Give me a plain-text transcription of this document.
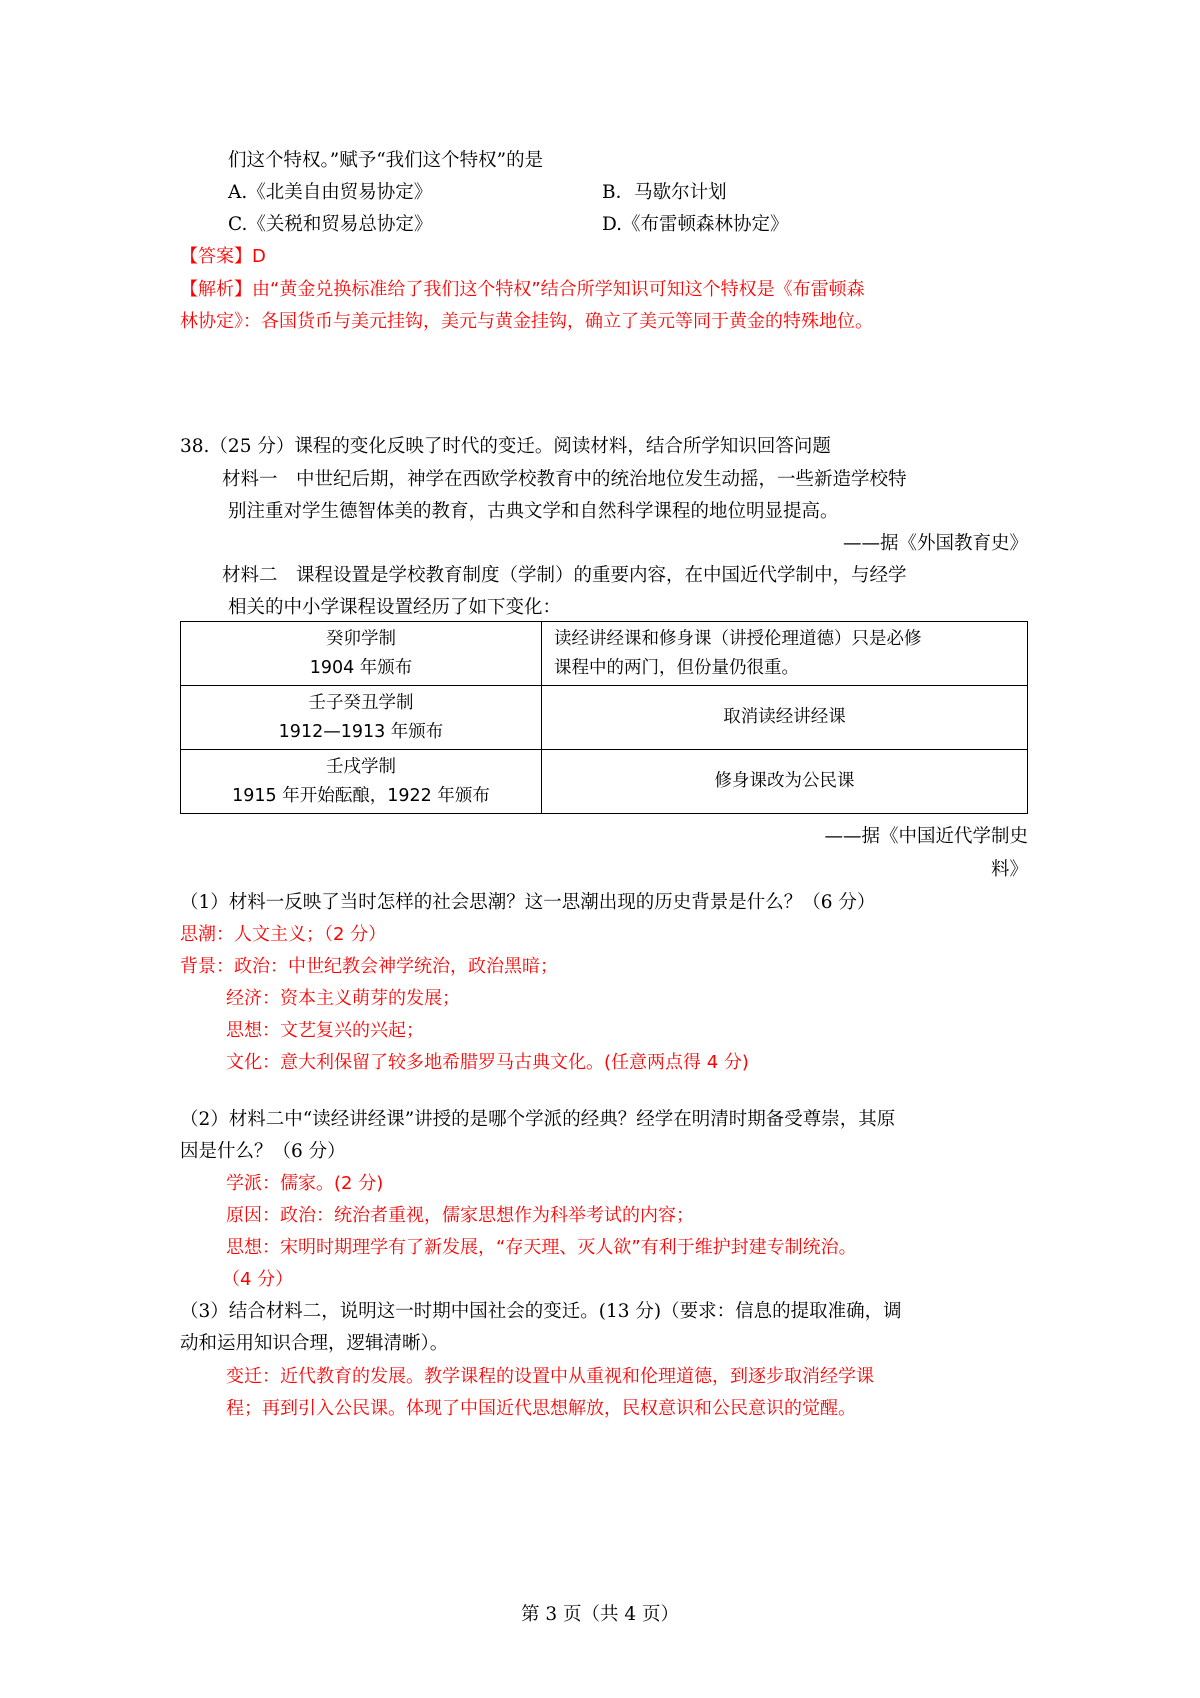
们这个特权。”赋予“我们这个特权”的是
A.《北美自由贸易协定》	B．马歇尔计划
C.《关税和贸易总协定》	D.《布雷顿森林协定》
【答案】D
【解析】由“黄金兑换标准给了我们这个特权”结合所学知识可知这个特权是《布雷顿森
林协定》：各国货币与美元挂钩，美元与黄金挂钩，确立了美元等同于黄金的特殊地位。
38.（25 分）课程的变化反映了时代的变迁。阅读材料，结合所学知识回答问题
材料一　中世纪后期，神学在西欧学校教育中的统治地位发生动摇，一些新造学校特
别注重对学生德智体美的教育，古典文学和自然科学课程的地位明显提高。
——据《外国教育史》
材料二　课程设置是学校教育制度（学制）的重要内容，在中国近代学制中，与经学
相关的中小学课程设置经历了如下变化：
癸卯学制
1904 年颁布	读经讲经课和修身课（讲授伦理道德）只是必修
课程中的两门，但份量仍很重。

壬子癸丑学制
1912—1913 年颁布	取消读经讲经课

壬戌学制
1915 年开始酝酿，1922 年颁布	修身课改为公民课
——据《中国近代学制史
料》
（1）材料一反映了当时怎样的社会思潮？这一思潮出现的历史背景是什么？（6 分）
思潮：人文主义；（2 分）
背景：政治：中世纪教会神学统治，政治黑暗；
经济：资本主义萌芽的发展；
思想：文艺复兴的兴起；
文化：意大利保留了较多地希腊罗马古典文化。(任意两点得 4 分)
（2）材料二中“读经讲经课”讲授的是哪个学派的经典？经学在明清时期备受尊崇，其原
因是什么？（6 分）
学派：儒家。(2 分)
原因：政治：统治者重视，儒家思想作为科举考试的内容；
思想：宋明时期理学有了新发展，“存天理、灭人欲”有利于维护封建专制统治。
（4 分）
（3）结合材料二，说明这一时期中国社会的变迁。(13 分)（要求：信息的提取准确，调
动和运用知识合理，逻辑清晰）。
变迁：近代教育的发展。教学课程的设置中从重视和伦理道德，到逐步取消经学课
程；再到引入公民课。体现了中国近代思想解放，民权意识和公民意识的觉醒。
第 3 页（共 4 页）
